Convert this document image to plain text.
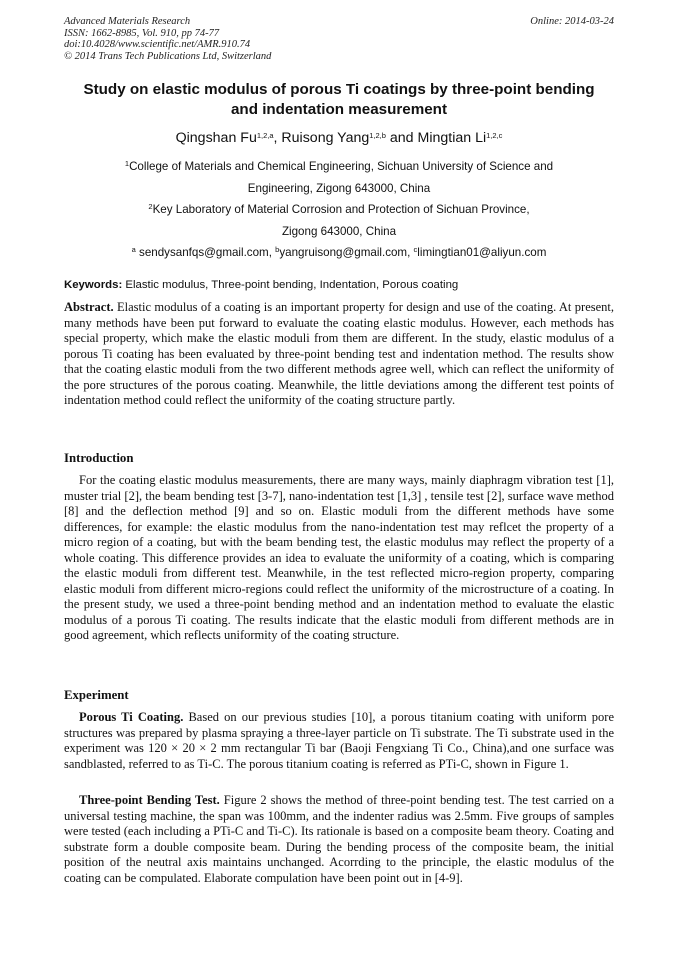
Advanced Materials Research
ISSN: 1662-8985, Vol. 910, pp 74-77
doi:10.4028/www.scientific.net/AMR.910.74
© 2014 Trans Tech Publications Ltd, Switzerland
Online: 2014-03-24
Study on elastic modulus of porous Ti coatings by three-point bending
and indentation measurement
Qingshan Fu$^{1,2,a}$, Ruisong Yang$^{1,2,b}$ and Mingtian Li$^{1,2,c}$
$^1$College of Materials and Chemical Engineering, Sichuan University of Science and
Engineering, Zigong 643000, China
$^2$Key Laboratory of Material Corrosion and Protection of Sichuan Province,
Zigong 643000, China
$^a$ sendysanfqs@gmail.com, $^b$yangruisong@gmail.com, $^c$limingtian01@aliyun.com
Keywords: Elastic modulus, Three-point bending, Indentation, Porous coating
Abstract. Elastic modulus of a coating is an important property for design and use of the coating. At present, many methods have been put forward to evaluate the coating elastic modulus. However, each methods has special property, which make the elastic moduli from them are different. In the study, elastic modulus of a porous Ti coating has been evaluated by three-point bending test and indentation method. The results show that the coating elastic moduli from the two different methods agree well, which can reflect the uniformity of the pore structures of the porous coating. Meanwhile, the little deviations among the different test points of indentation method could reflect the uniformity of the coating structure partly.
Introduction
For the coating elastic modulus measurements, there are many ways, mainly diaphragm vibration test [1], muster trial [2], the beam bending test [3-7], nano-indentation test [1,3] , tensile test [2], surface wave method [8] and the deflection method [9] and so on. Elastic moduli from the different methods have some differences, for example: the elastic modulus from the nano-indentation test may reflcet the property of a micro region of a coating, but with the beam bending test, the elastic modulus may reflect the property of a whole coating. This difference provides an idea to evaluate the uniformity of a coating, which is comparing the elastic moduli from different test. Meanwhile, in the test reflected micro-region property, comparing elastic moduli from different micro-regions could reflect the uniformity of the microstructure of a coating. In the present study, we used a three-point bending method and an indentation method to evaluate the elastic modulus of a porous Ti coating. The results indicate that the elastic moduli from different methods are in good agreement, which reflects uniformity of the coating structure.
Experiment
Porous Ti Coating. Based on our previous studies [10], a porous titanium coating with uniform pore structures was prepared by plasma spraying a three-layer particle on Ti substrate. The Ti substrate used in the experiment was 120 × 20 × 2 mm rectangular Ti bar (Baoji Fengxiang Ti Co., China),and one surface was sandblasted, referred to as Ti-C. The porous titanium coating is referred as PTi-C, shown in Figure 1.
Three-point Bending Test. Figure 2 shows the method of three-point bending test. The test carried on a universal testing machine, the span was 100mm, and the indenter radius was 2.5mm. Five groups of samples were tested (each including a PTi-C and Ti-C). Its rationale is based on a composite beam theory. Coating and substrate form a double composite beam. During the bending process of the composite beam, the initial position of the neutral axis maintains unchanged. Acorrding to the principle, the elastic modulus of the coating can be compulated. Elaborate compulation have been point out in [4-9].
